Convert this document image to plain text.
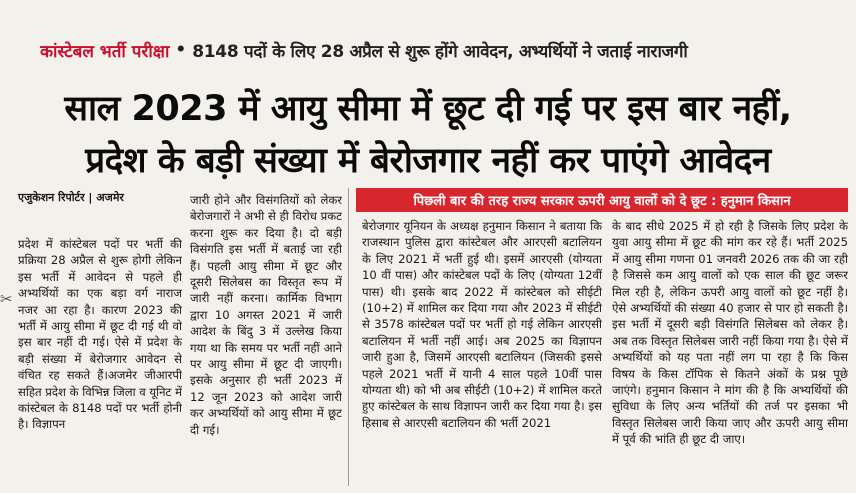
कांस्टेबल भर्ती परीक्षा • 8148 पदों के लिए 28 अप्रैल से शुरू होंगे आवेदन, अभ्यर्थियों ने जताई नाराजगी
साल 2023 में आयु सीमा में छूट दी गई पर इस बार नहीं,
प्रदेश के बड़ी संख्या में बेरोजगार नहीं कर पाएंगे आवेदन
एजुकेशन रिपोर्टर | अजमेर
✂
प्रदेश में कांस्टेबल पदों पर भर्ती की प्रक्रिया 28 अप्रैल से शुरू होगी लेकिन इस भर्ती में आवेदन से पहले ही अभ्यर्थियों का एक बड़ा वर्ग नाराज नजर आ रहा है। कारण 2023 की भर्ती में आयु सीमा में छूट दी गई थी वो इस बार नहीं दी गई। ऐसे में प्रदेश के बड़ी संख्या में बेरोजगार आवेदन से वंचित रह सकते हैं।अजमेर जीआरपी सहित प्रदेश के विभिन्न जिला व यूनिट में कांस्टेबल के 8148 पदों पर भर्ती होनी है। विज्ञापन
जारी होने और विसंगतियों को लेकर बेरोजगारों ने अभी से ही विरोध प्रकट करना शुरू कर दिया है। दो बड़ी विसंगति इस भर्ती में बताई जा रही हैं। पहली आयु सीमा में छूट और दूसरी सिलेबस का विस्तृत रूप में जारी नहीं करना। कार्मिक विभाग द्वारा 10 अगस्त 2021 में जारी आदेश के बिंदु 3 में उल्लेख किया गया था कि समय पर भर्ती नहीं आने पर आयु सीमा में छूट दी जाएगी। इसके अनुसार ही भर्ती 2023 में 12 जून 2023 को आदेश जारी कर अभ्यर्थियों को आयु सीमा में छूट दी गई।
पिछली बार की तरह राज्य सरकार ऊपरी आयु वालों को दे छूट : हनुमान किसान
बेरोजगार यूनियन के अध्यक्ष हनुमान किसान ने बताया कि राजस्थान पुलिस द्वारा कांस्टेबल और आरएसी बटालियन के लिए 2021 में भर्ती हुई थी। इसमें आरएसी (योग्यता 10 वीं पास) और कांस्टेबल पदों के लिए (योग्यता 12वीं पास) थी। इसके बाद 2022 में कांस्टेबल को सीईटी (10+2) में शामिल कर दिया गया और 2023 में सीईटी से 3578 कांस्टेबल पदों पर भर्ती हो गई लेकिन आरएसी बटालियन में भर्ती नहीं आई। अब 2025 का विज्ञापन जारी हुआ है, जिसमें आरएसी बटालियन (जिसकी इससे पहले 2021 भर्ती में यानी 4 साल पहले 10वीं पास योग्यता थी) को भी अब सीईटी (10+2) में शामिल करते हुए कांस्टेबल के साथ विज्ञापन जारी कर दिया गया है। इस हिसाब से आरएसी बटालियन की भर्ती 2021
के बाद सीधे 2025 में हो रही है जिसके लिए प्रदेश के युवा आयु सीमा में छूट की मांग कर रहे हैं। भर्ती 2025 में आयु सीमा गणना 01 जनवरी 2026 तक की जा रही है जिससे कम आयु वालों को एक साल की छूट जरूर मिल रही है, लेकिन ऊपरी आयु वालों को छूट नहीं है। ऐसे अभ्यर्थियों की संख्या 40 हजार से पार हो सकती है। इस भर्ती में दूसरी बड़ी विसंगति सिलेबस को लेकर है। अब तक विस्तृत सिलेबस जारी नहीं किया गया है। ऐसे में अभ्यर्थियों को यह पता नहीं लग पा रहा है कि किस विषय के किस टॉपिक से कितने अंकों के प्रश्न पूछे जाएंगे। हनुमान किसान ने मांग की है कि अभ्यर्थियों की सुविधा के लिए अन्य भर्तियों की तर्ज पर इसका भी विस्तृत सिलेबस जारी किया जाए और ऊपरी आयु सीमा में पूर्व की भांति ही छूट दी जाए।
